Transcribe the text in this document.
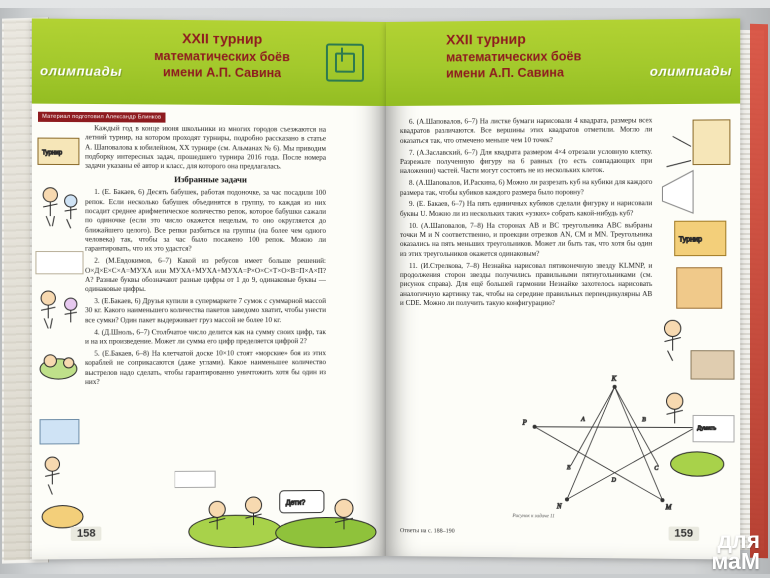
олимпиады
XXII турнир
математических боёв
имени А.П. Савина
Материал подготовил Александр Блинков

Каждый год в конце июня школьники из многих городов съезжаются на летний турнир, на котором проходят турниры, подробно рассказано в статье А. Шаповалова к юбилейном, XX турнире (см. Альманах № 6). Мы приводим подборку интересных задач, прошедшего турнира 2016 года. После номера задачи указаны её автор и класс, для которого она предлагалась.

Избранные задачи

1. (Е. Бакаев, 6) Десять бабушек, работая подоночке, за час посадили 100 репок. Если несколько бабушек объединятся в группу, то каждая из них посадит среднее арифметическое количество репок, которое бабушки сажали по одиночке (если это число окажется нецелым, то оно округляется до ближайшего целого). Все репки разбиться на группы (на более чем одного человека) так, чтобы за час было посажено 100 репок. Можно ли гарантировать, что их это удастся?

2. (М.Евдокимов, 6–7) Какой из ребусов имеет больше решений: О×Д×Е×С×А=МУХА или МУХА+МУХА+МУХА=Р×О×С×Т×О×В=П×А×П?А? Разные буквы обозначают разные цифры от 1 до 9, одинаковые буквы — одинаковые цифры.

3. (Е.Бакаев, 6) Друзья купили в супермаркете 7 сумок с суммарной массой 30 кг. Какого наименьшего количества пакетов заведомо хватит, чтобы унести все сумки? Один пакет выдерживает груз массой не более 10 кг.

4. (Д.Шноль, 6–7) Столбчатое число делится как на сумму своих цифр, так и на их произведение. Может ли сумма его цифр пределяется цифрой 2?

5. (Е.Бакаев, 6–8) На клетчатой доске 10×10 стоят «морские» боя из этих кораблей не соприкасаются (даже углами). Какое наименьшее количество выстрелов надо сделать, чтобы гарантированно уничтожить хотя бы один из них?

Турнир
Дети?
158
олимпиады
XXII турнир
математических боёв
имени А.П. Савина

6. (А.Шаповалов, 6–7) На листке бумаги нарисовали 4 квадрата, размеры всех квадратов различаются. Все вершины этих квадратов отметили. Могло ли оказаться так, что отмечено меньше чем 10 точек?

7. (А.Заславский, 6–7) Для квадрата размером 4×4 отрезали условную клетку. Разрежьте полученную фигуру на 6 равных (то есть совпадающих при наложении) частей. Части могут состоять не из нескольких клеток.

8. (А.Шаповалов, И.Раскина, 6) Можно ли разрезать куб на кубики для каждого размера так, чтобы кубиков каждого размера было поровну?

9. (Е. Бакаев, 6–7) На пять единичных кубиков сделали фигурку и нарисовали буквы U. Можно ли из нескольких таких «узких» собрать какой-нибудь куб?

10. (А.Шаповалов, 7–8) На сторонах AB и BC треугольника ABC выбраны точки M и N соответственно, и проекции отрезков AN, CM и MN. Треугольника оказались на пять меньших треугольников. Может ли быть так, что хотя бы один из этих треугольников окажется одинаковым?

11. (И.Стрелкова, 7–8) Незнайка нарисовал пятиконечную звезду KLMNP, и продолжения сторон звезды получились правильными пятиугольниками (см. рисунок справа). Для ещё большей гармонии Незнайке захотелось нарисовать аналогичную картинку так, чтобы на середине правильных перпендикулярны AB и CDE. Можно ли получить такую конфигурацию?

K
M
N
P	A	B
C
D
E
Рисунок к задаче 11
Турнир
Думать
Ответы на с. 188–190	159 для
маM
